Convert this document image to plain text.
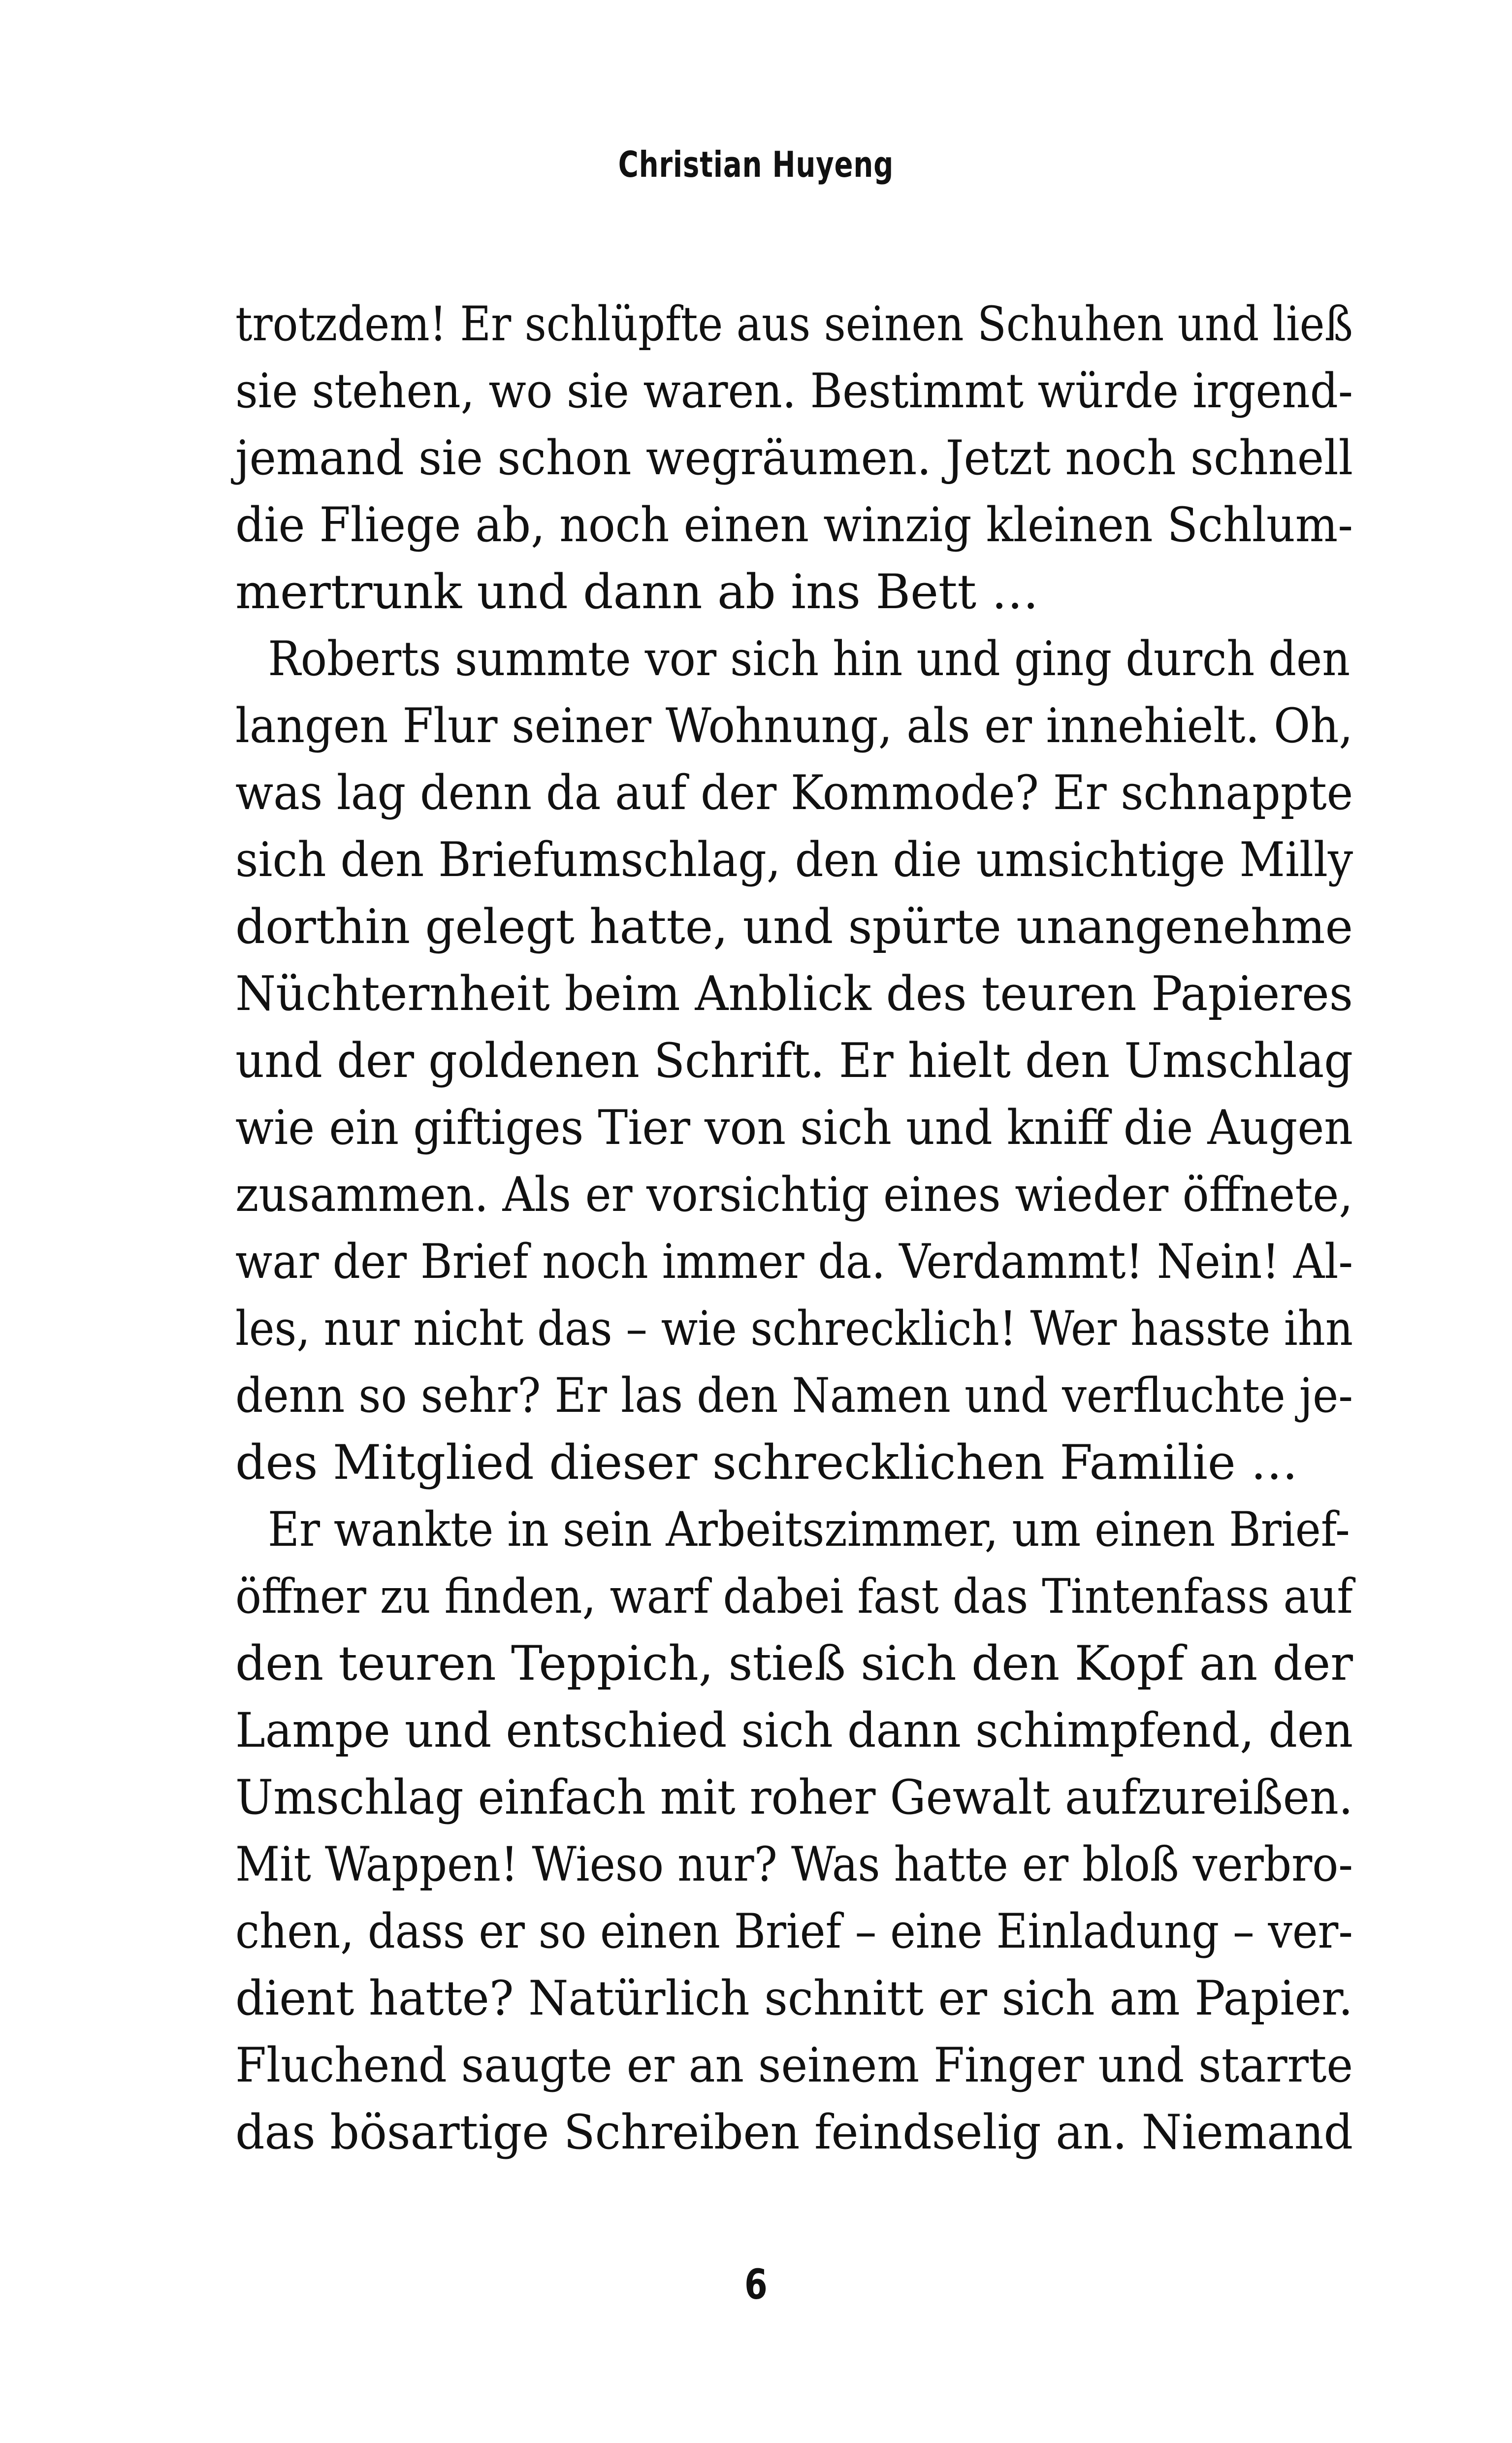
Christian Huyeng
trotzdem! Er schlüpfte aus seinen Schuhen und ließ
sie stehen, wo sie waren. Bestimmt würde irgend-
jemand sie schon wegräumen. Jetzt noch schnell
die Fliege ab, noch einen winzig kleinen Schlum-
mertrunk und dann ab ins Bett …
Roberts summte vor sich hin und ging durch den
langen Flur seiner Wohnung, als er innehielt. Oh,
was lag denn da auf der Kommode? Er schnappte
sich den Briefumschlag, den die umsichtige Milly
dorthin gelegt hatte, und spürte unangenehme
Nüchternheit beim Anblick des teuren Papieres
und der goldenen Schrift. Er hielt den Umschlag
wie ein giftiges Tier von sich und kniff die Augen
zusammen. Als er vorsichtig eines wieder öffnete,
war der Brief noch immer da. Verdammt! Nein! Al-
les, nur nicht das – wie schrecklich! Wer hasste ihn
denn so sehr? Er las den Namen und verfluchte je-
des Mitglied dieser schrecklichen Familie …
Er wankte in sein Arbeitszimmer, um einen Brief-
öffner zu finden, warf dabei fast das Tintenfass auf
den teuren Teppich, stieß sich den Kopf an der
Lampe und entschied sich dann schimpfend, den
Umschlag einfach mit roher Gewalt aufzureißen.
Mit Wappen! Wieso nur? Was hatte er bloß verbro-
chen, dass er so einen Brief – eine Einladung – ver-
dient hatte? Natürlich schnitt er sich am Papier.
Fluchend saugte er an seinem Finger und starrte
das bösartige Schreiben feindselig an. Niemand
6
